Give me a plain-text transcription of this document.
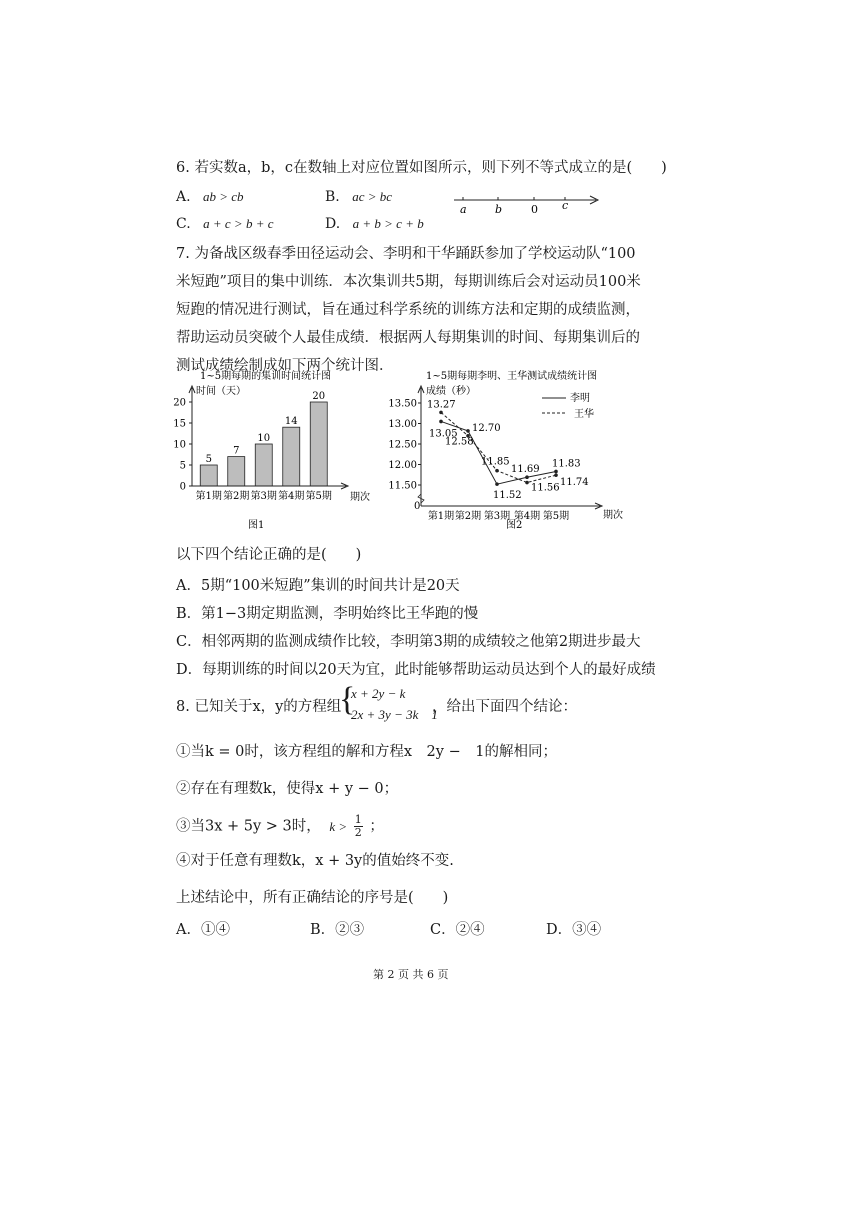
6. 若实数a，b，c在数轴上对应位置如图所示，则下列不等式成立的是(　　)
A. ab > cb	B. ac > bc
C. a + c > b + c	D. a + b > c + b
a	b	0 c
7. 为备战区级春季田径运动会、李明和干华踊跃参加了学校运动队“100米短跑”项目的集中训练．本次集训共5期，每期训练后会对运动员100米短跑的情况进行测试，旨在通过科学系统的训练方法和定期的成绩监测，帮助运动员突破个人最佳成绩．根据两人每期集训的时间、每期集训后的测试成绩绘制成如下两个统计图．
1~5期每期的集训时间统计图
时间（天）
0
5
10
15
20
5
第1期
7
第2期
10
第3期
14
第4期
20
第5期 期次
图1
1~5期每期李明、王华测试成绩统计图
成绩（秒）
11.50
12.00
12.50
13.00
13.50
0
第1期 第2期 第3期 第4期 第5期
13.05
11.52
11.69
11.83
13.27
12.70
11.85
11.56 11.74
12.58
期次
李明
王华
图2
以下四个结论正确的是(　　)
A．5期“100米短跑”集训的时间共计是20天
B．第1−3期定期监测，李明始终比王华跑的慢
C．相邻两期的监测成绩作比较，李明第3期的成绩较之他第2期进步最大
D．每期训练的时间以20天为宜，此时能够帮助运动员达到个人的最好成绩
8. 已知关于x，y的方程组
{
x + 2y − k
2x + 3y − 3k　1
，给出下面四个结论：
①当k = 0时，该方程组的解和方程x　2y −　1的解相同；
②存在有理数k，使得x + y − 0；
③当3x + 5y > 3时， $k > \frac{1}{2}$ ；
④对于任意有理数k，x + 3y的值始终不变.
上述结论中，所有正确结论的序号是(　　)
A．①④	B．②③	C．②④	D．③④
第 2 页 共 6 页
